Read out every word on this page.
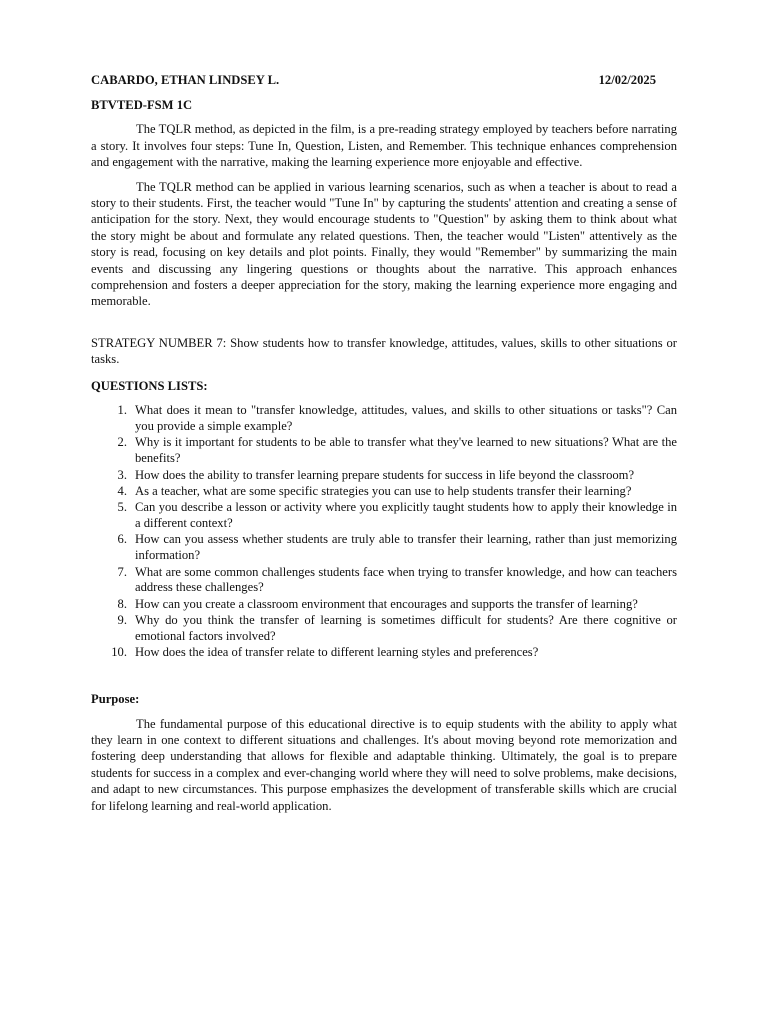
CABARDO, ETHAN LINDSEY L.	12/02/2025
BTVTED-FSM 1C

The TQLR method, as depicted in the film, is a pre-reading strategy employed by teachers before narrating a story. It involves four steps: Tune In, Question, Listen, and Remember. This technique enhances comprehension and engagement with the narrative, making the learning experience more enjoyable and effective.

The TQLR method can be applied in various learning scenarios, such as when a teacher is about to read a story to their students. First, the teacher would "Tune In" by capturing the students' attention and creating a sense of anticipation for the story. Next, they would encourage students to "Question" by asking them to think about what the story might be about and formulate any related questions. Then, the teacher would "Listen" attentively as the story is read, focusing on key details and plot points. Finally, they would "Remember" by summarizing the main events and discussing any lingering questions or thoughts about the narrative. This approach enhances comprehension and fosters a deeper appreciation for the story, making the learning experience more engaging and memorable.

STRATEGY NUMBER 7: Show students how to transfer knowledge, attitudes, values, skills to other situations or tasks.

QUESTIONS LISTS:
1. What does it mean to "transfer knowledge, attitudes, values, and skills to other situations or tasks"? Can you provide a simple example?
2. Why is it important for students to be able to transfer what they've learned to new situations? What are the benefits?
3. How does the ability to transfer learning prepare students for success in life beyond the classroom?
4. As a teacher, what are some specific strategies you can use to help students transfer their learning?
5. Can you describe a lesson or activity where you explicitly taught students how to apply their knowledge in a different context?
6. How can you assess whether students are truly able to transfer their learning, rather than just memorizing information?
7. What are some common challenges students face when trying to transfer knowledge, and how can teachers address these challenges?
8. How can you create a classroom environment that encourages and supports the transfer of learning?
9. Why do you think the transfer of learning is sometimes difficult for students? Are there cognitive or emotional factors involved?
10. How does the idea of transfer relate to different learning styles and preferences?
Purpose:

The fundamental purpose of this educational directive is to equip students with the ability to apply what they learn in one context to different situations and challenges. It's about moving beyond rote memorization and fostering deep understanding that allows for flexible and adaptable thinking. Ultimately, the goal is to prepare students for success in a complex and ever-changing world where they will need to solve problems, make decisions, and adapt to new circumstances. This purpose emphasizes the development of transferable skills which are crucial for lifelong learning and real-world application.
